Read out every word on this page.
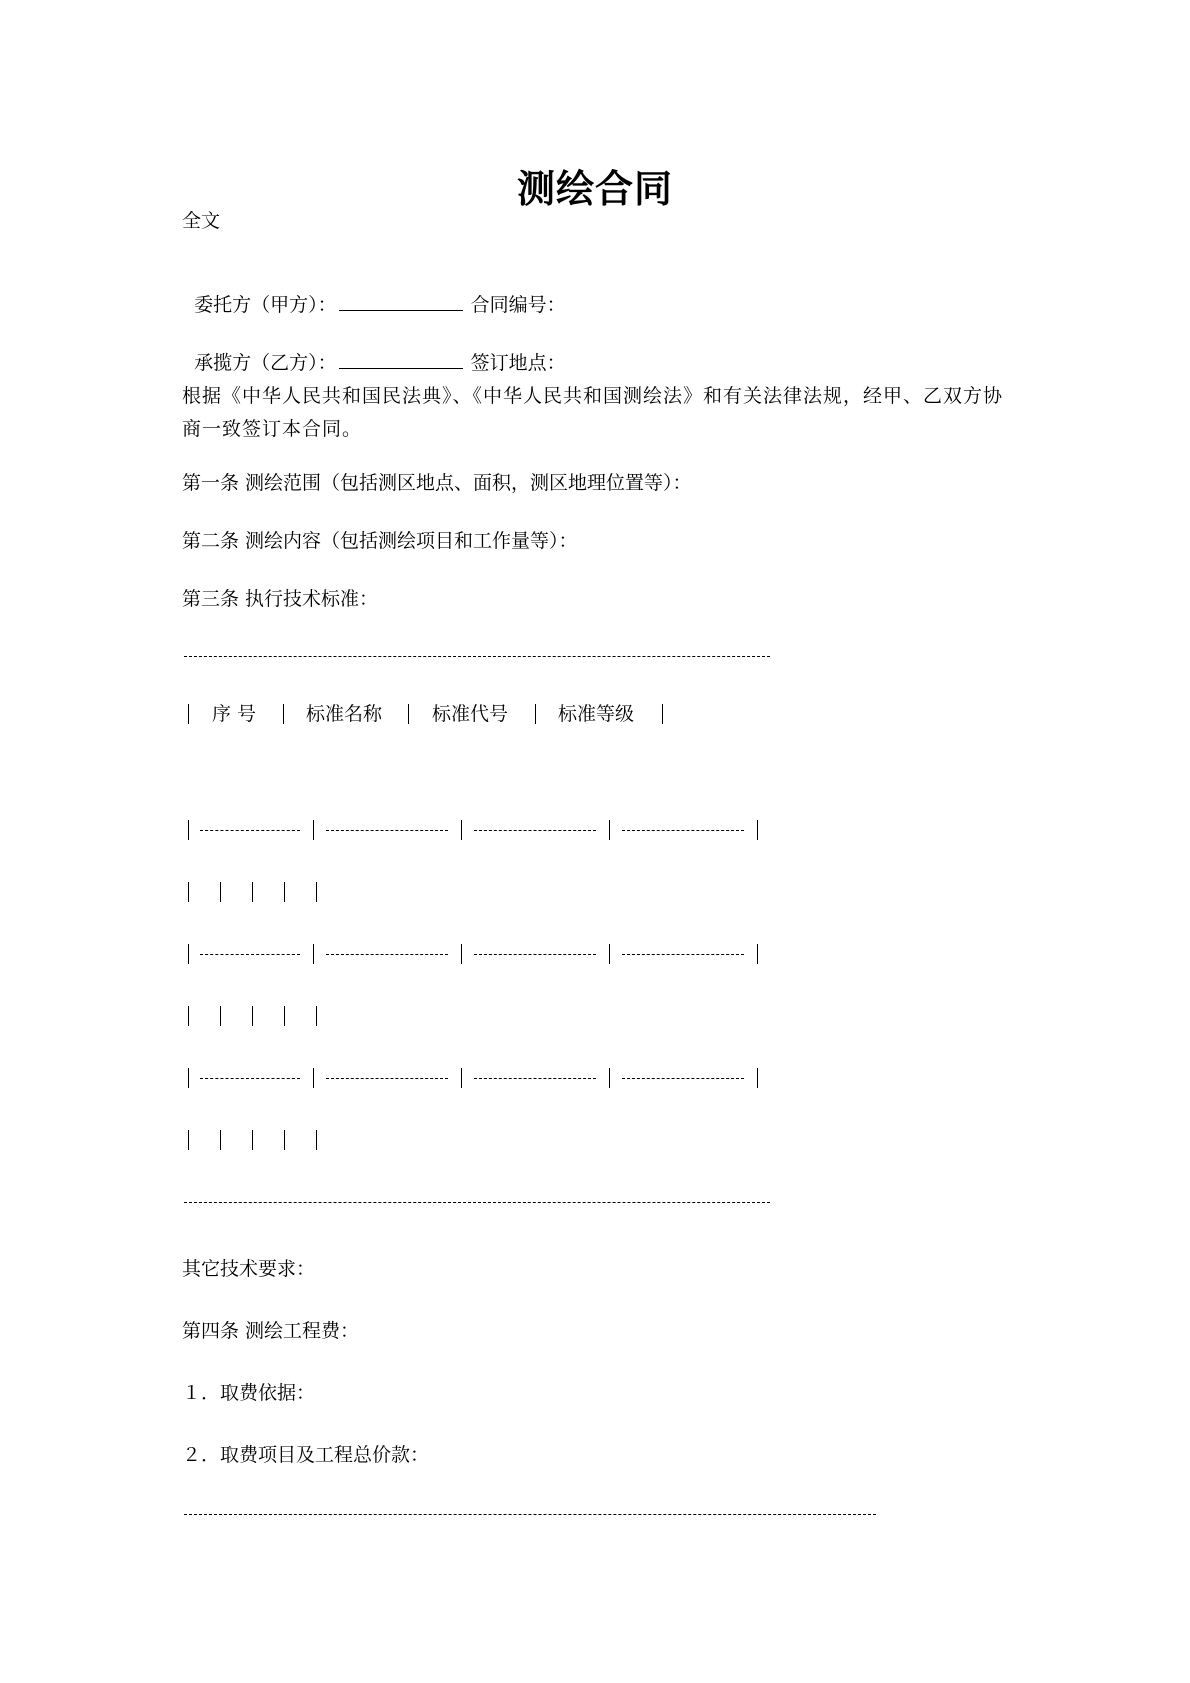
测绘合同
全文

委托方（甲方）：	合同编号：

承揽方（乙方）：	签订地点：

根据《中华人民共和国民法典》、《中华人民共和国测绘法》和有关法律法规，经甲、乙双方协商一致签订本合同。
第一条 测绘范围（包括测区地点、面积，测区地理位置等）：
第二条 测绘内容（包括测绘项目和工作量等）：
第三条 执行技术标准：
序 号	标准名称	标准代号	标准等级
其它技术要求：
第四条 测绘工程费：
１．取费依据：
２．取费项目及工程总价款：
